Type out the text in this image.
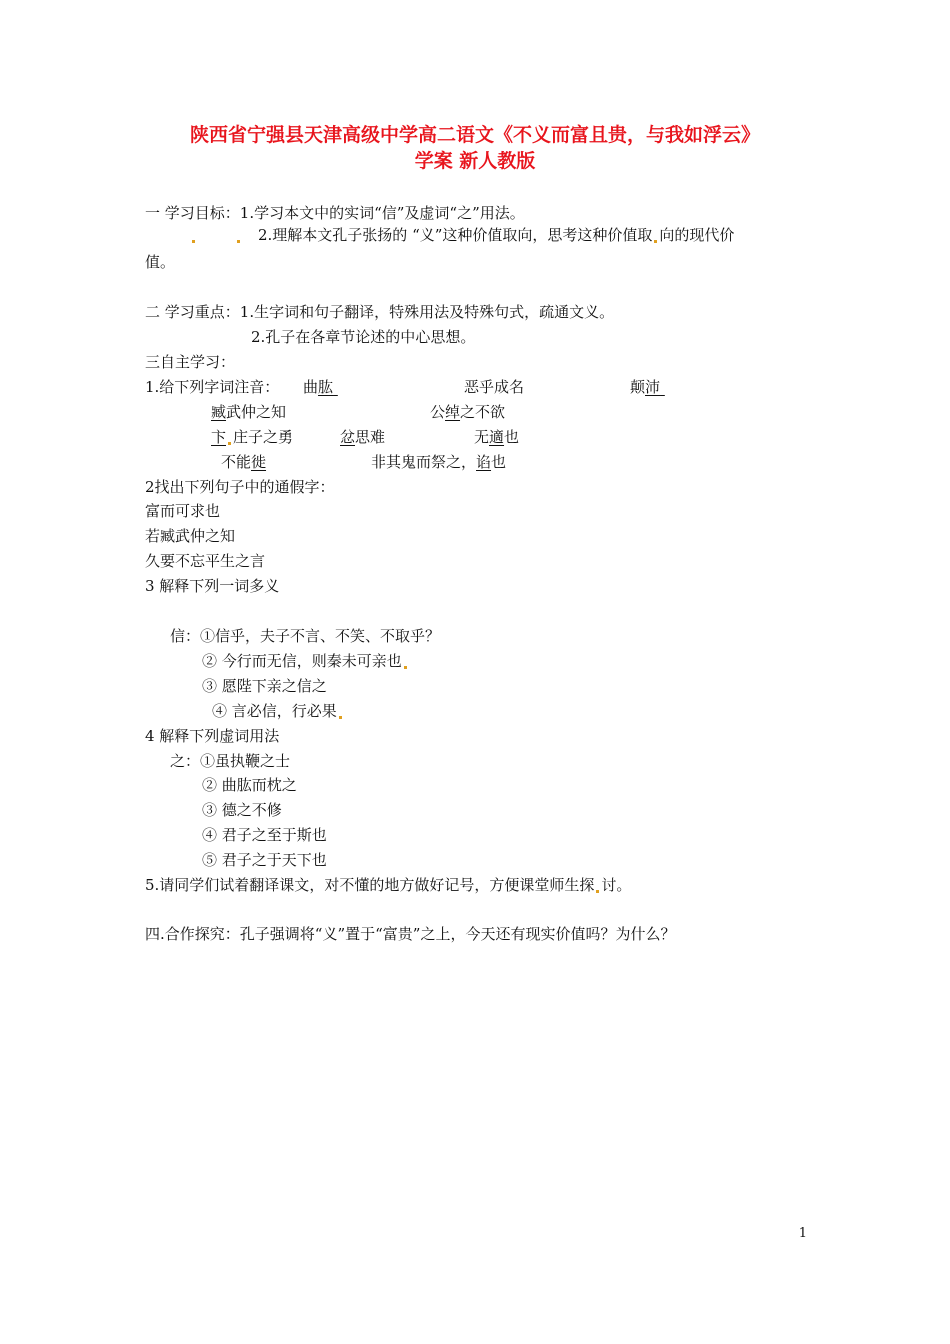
陕西省宁强县天津高级中学高二语文《不义而富且贵，与我如浮云》
学案 新人教版
一 学习目标：1.学习本文中的实词“信”及虚词“之”用法。
2.理解本文孔子张扬的 “义”这种价值取向，思考这种价值取 向的现代价
值。
二 学习重点：1.生字词和句子翻译，特殊用法及特殊句式，疏通文义。
2.孔子在各章节论述的中心思想。
三自主学习：
1.给下列字词注音： 曲肱	恶乎成名	颠沛
臧武仲之知	公绰之不欲
卞 庄子之勇	忿思难	无適也
不能徙	非其鬼而祭之，谄也
2找出下列句子中的通假字：
富而可求也
若臧武仲之知
久要不忘平生之言
3 解释下列一词多义
信：①信乎，夫子不言、不笑、不取乎？
② 今行而无信，则秦未可亲也
③ 愿陛下亲之信之
④ 言必信，行必果
4 解释下列虚词用法
之：①虽执鞭之士
② 曲肱而枕之
③ 德之不修
④ 君子之至于斯也
⑤ 君子之于天下也
5.请同学们试着翻译课文，对不懂的地方做好记号，方便课堂师生探 讨。
四.合作探究：孔子强调将“义”置于“富贵”之上，今天还有现实价值吗？为什么？
1
